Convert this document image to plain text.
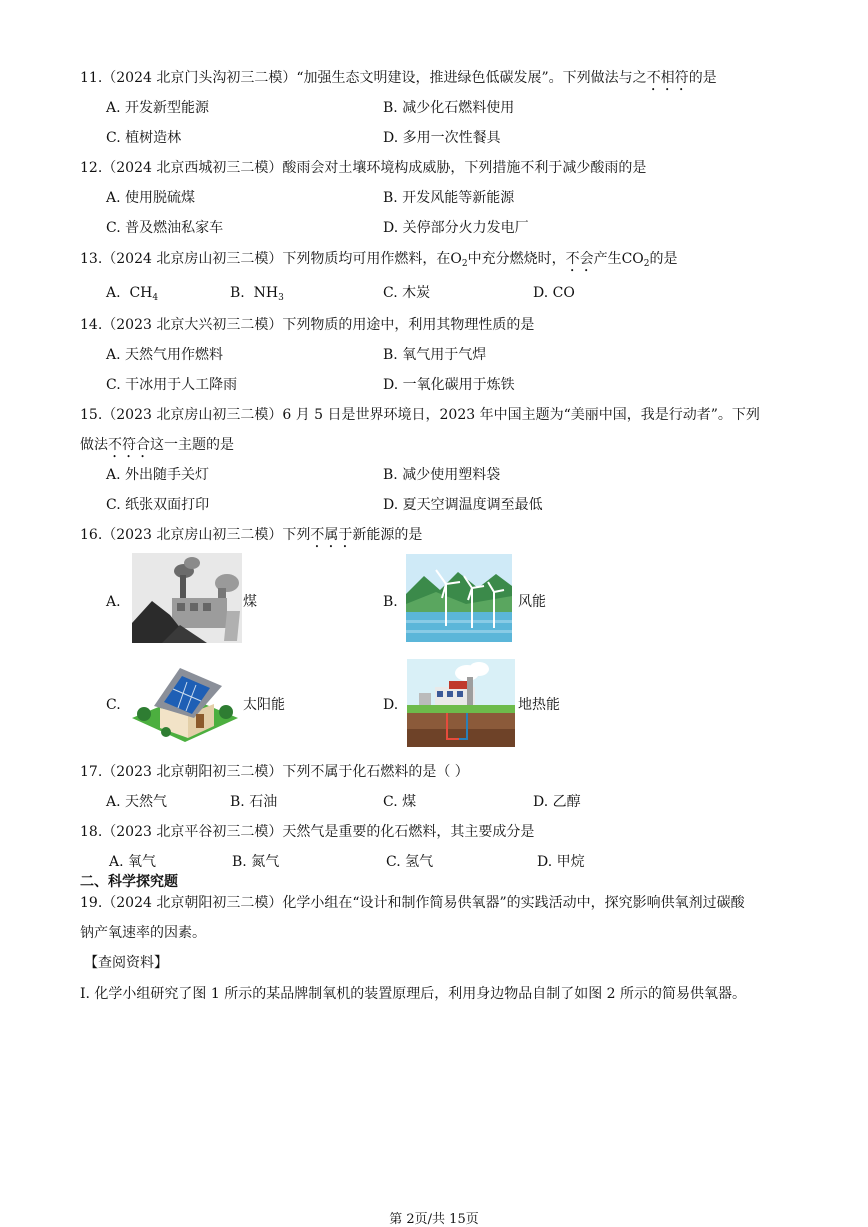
11.（2024 北京门头沟初三二模）“加强生态文明建设，推进绿色低碳发展”。下列做法与之不相符的是
A. 开发新型能源	B. 减少化石燃料使用
C. 植树造林	D. 多用一次性餐具
12.（2024 北京西城初三二模）酸雨会对土壤环境构成威胁，下列措施不利于减少酸雨的是
A. 使用脱硫煤	B. 开发风能等新能源
C. 普及燃油私家车	D. 关停部分火力发电厂
13.（2024 北京房山初三二模）下列物质均可用作燃料，在$O_2$中充分燃烧时，不会产生$CO_2$的是
A. $CH_4$	B. $NH_3$	C. 木炭	D. CO
14.（2023 北京大兴初三二模）下列物质的用途中，利用其物理性质的是
A. 天然气用作燃料	B. 氧气用于气焊
C. 干冰用于人工降雨	D. 一氧化碳用于炼铁
15.（2023 北京房山初三二模）6 月 5 日是世界环境日，2023 年中国主题为“美丽中国，我是行动者”。下列
做法不符合这一主题的是
A. 外出随手关灯	B. 减少使用塑料袋
C. 纸张双面打印	D. 夏天空调温度调至最低
16.（2023 北京房山初三二模）下列不属于新能源的是
A.	煤	B.	风能
C.	太阳能	D.	地热能
17.（2023 北京朝阳初三二模）下列不属于化石燃料的是（ ）
A. 天然气	B. 石油	C. 煤	D. 乙醇
18.（2023 北京平谷初三二模）天然气是重要的化石燃料，其主要成分是
A. 氧气	B. 氮气	C. 氢气	D. 甲烷
二、科学探究题
19.（2024 北京朝阳初三二模）化学小组在“设计和制作简易供氧器”的实践活动中，探究影响供氧剂过碳酸
钠产氧速率的因素。
【查阅资料】
Ⅰ. 化学小组研究了图 1 所示的某品牌制氧机的装置原理后，利用身边物品自制了如图 2 所示的简易供氧器。
第 2页/共 15页
